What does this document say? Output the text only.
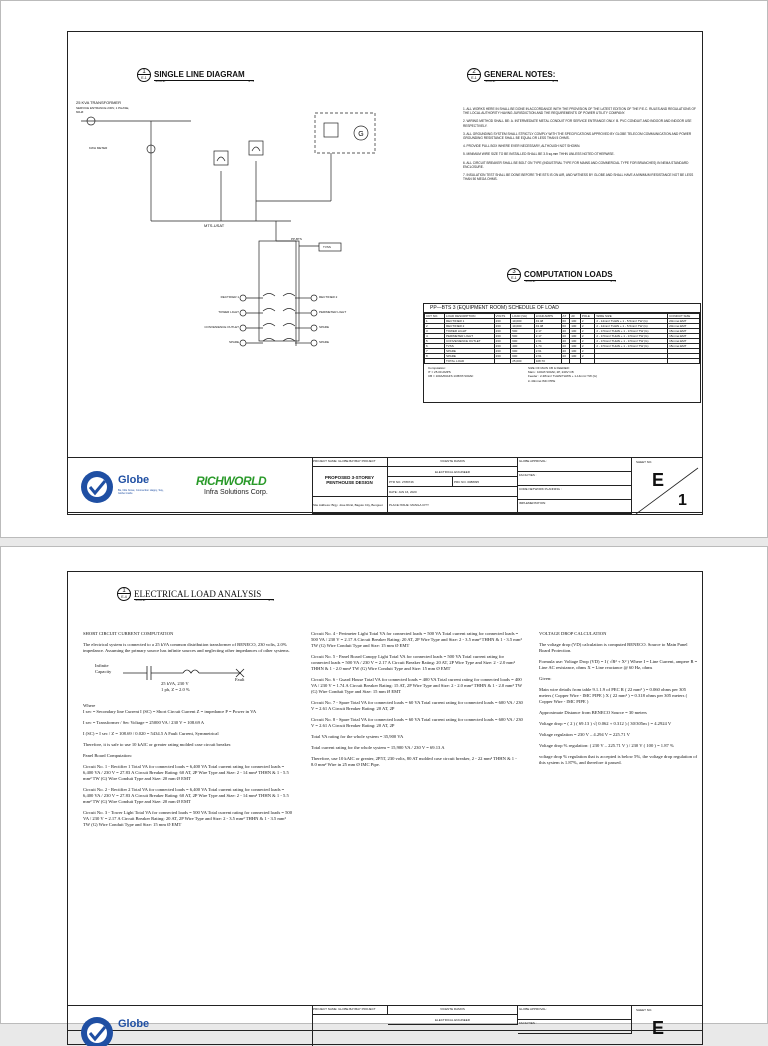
1
E-1 SINGLE LINE DIAGRAM
SCALE:	NTS
G
25 KVA TRANSFORMER
SERVICE ENTRANCE 230V, 1 PHASE, 60HZ
KWH METER
MTS-USAT
PP-BTS
TVSS
RECTIFIER 1
TOWER LIGHT
CONVENIENCE OUTLET
SPARE
RECTIFIER 2
PERIMETER LIGHT
SPARE
SPARE
2
E-1 GENERAL NOTES:
SCALE:	NTS
1. ALL WORKS HERE IN SHALL BE DONE IN ACCORDANCE WITH THE PROVISION OF THE LATEST EDITION OF THE P.E.C. RULES AND REGULATIONS OF THE LOCAL AUTHORITY HAVING JURISDICTION AND THE REQUIREMENTS OF POWER UTILITY COMPANY.
2. WIRING METHOD SHALL BE: A. INTERMEDIATE METAL CONDUIT FOR SERVICE ENTRANCE ONLY. B. PVC CONDUIT AND INDOOR AND INDOOR USE RESPECTIVELY.
3. ALL GROUNDING SYSTEM SHALL STRICTLY COMPLY WITH THE SPECIFICATIONS APPROVED BY GLOBE TELECOM COMMUNICATION AND POWER GROUNDING RESISTANCE SHALL BE EQUAL OR LESS THAN 5 OHMS.
4. PROVIDE PULL BOX WHERE EVER NECESSARY, ALTHOUGH NOT SHOWN.
5. MINIMUM WIRE SIZE TO BE INSTALLED SHALL BE 3.5 sq.mm THHN UNLESS NOTED OTHERWISE.
6. ALL CIRCUIT BREAKER SHALL BE BOLT ON TYPE (INDUSTRIAL TYPE FOR MAINS AND COMMERCIAL TYPE FOR BRANCHES) IN NEMA STANDARD ENCLOSURE.
7. INSULATION TEST SHALL BE DONE BEFORE THE BTS IS ON AIR, AND WITNESS BY GLOBE AND SHALL HAVE A MINIMUM RESISTANCE NOT BE LESS THAN 50 MEGA OHMS.
3
E-1 COMPUTATION LOADS
SCALE:	NTS
PP—BTS 3 (EQUIPMENT ROOM) SCHEDULE OF LOAD
CKT NO.	LOAD DESCRIPTION	VOLTS	LOAD (VA)	LOAD AMPS	AT	AF	POLE	WIRE SIZE	CONDUIT SIZE
1	RECTIFIER 1	230	10,000	43.48	60	100	2	2 - 14mm² THHN + 1 - 5.5mm² TW (G)	20mm⌀ EMT
2	RECTIFIER 2	230	10,000	43.48	60	100	2	2 - 14mm² THHN + 1 - 5.5mm² TW (G)	20mm⌀ EMT
3	TOWER LIGHT	230	500	2.17	20	100	2	2 - 3.5mm² THHN + 1 - 3.5mm² TW (G)	15mm⌀ EMT
4	PERIMETER LIGHT	230	500	2.17	20	100	2	2 - 3.5mm² THHN + 1 - 3.5mm² TW (G)	15mm⌀ EMT
5	CONVENIENCE OUTLET	230	600	2.61	20	100	2	2 - 3.5mm² THHN + 1 - 3.5mm² TW (G)	15mm⌀ EMT
6	TVSS	230	400	1.74	20	100	2	2 - 3.5mm² THHN + 1 - 3.5mm² TW (G)	15mm⌀ EMT
7	SPARE	230	600	2.61	20	100	2		
8	SPARE	230	600	2.61	20	100	2		
	TOTAL LOAD		25,000	108.70					
Computation:
IT = 25.00 AMPS
CB = 100A/60AFS 1CB/6T/100AF
SIZE OF MAIN CB & FEEDER:
Main : 100AT/100AF, 2P, 240V CB
Feeder : 2-38mm² THHN/THWN + 1-14mm² TW (G)
in 40mm⌀ IMC PIPE
Globe
Be, little brave, Connection Happy, Say, Globe Inside
RICHWORLD
Infra Solutions Corp.
PROJECT NAME: GLOBE BAYBAY PROJECT
PROPOSED 3-STOREY PENTHOUSE DESIGN
Site Address: Brgy. Jose Rizal, Baguio City, Benguet
VICENTE RAMOS
ELECTRICAL ENGINEER
PTR NO. 2789746	PRC NO. 0088095
DATE: JAN 16, 2020
PLACE ISSUE: MANILA CITY
GLOBE APPROVAL:
FACILITIES :
CORE NETWORK PLANNING :
IMPLEMENTATION:
SHEET NO.
E
1
1
E-4 ELECTRICAL LOAD ANALYSIS
SCALE:	NTS

SHORT CIRCUIT CURRENT COMPUTATION

The electrical system is connected to a 25 kVA common distribution transformer of BENECO, 230 volts, 2.0% impedance. Assuming the primary source has infinite sources and neglecting other impedances of other systems.

Infinite Capacity
25 kVA, 230 V
1 ph, Z = 2.0 %
Fault

Where

I sec = Secondary line Current I (SC) = Short Circuit Current Z = impedance P = Power in VA

I sec = Transformer / Sec Voltage = 25000 VA / 230 V = 108.69 A

I (SC) = I sec / Z = 108.69 / 0.020 = 5434.5 A Fault Current, Symmetrical

Therefore, it is safe to use 10 kAIC or greater rating molded case circuit breaker.

Panel Board Computation:

Circuit No. 1 - Rectifier 1 Total VA for connected loads = 6,400 VA Total current rating for connected loads = 6,400 VA / 230 V = 27.83 A Circuit Breaker Rating: 60 AT, 2P Wire Type and Size: 2 - 14 mm² THHN & 1 - 5.5 mm² TW (G) Wire Conduit Type and Size: 20 mm Ø EMT

Circuit No. 2 - Rectifier 2 Total VA for connected loads = 6,400 VA Total current rating for connected loads = 6,400 VA / 230 V = 27.83 A Circuit Breaker Rating: 60 AT, 2P Wire Type and Size: 2 - 14 mm² THHN & 1 - 5.5 mm² TW (G) Wire Conduit Type and Size: 20 mm Ø EMT

Circuit No. 3 - Tower Light Total VA for connected loads = 500 VA Total current rating for connected loads = 500 VA / 230 V = 2.17 A Circuit Breaker Rating: 20 AT, 2P Wire Type and Size: 2 - 3.5 mm² THHN & 1 - 3.5 mm² TW (G) Wire Conduit Type and Size: 15 mm Ø EMT

Circuit No. 4 - Perimeter Light Total VA for connected loads = 500 VA Total current rating for connected loads = 500 VA / 230 V = 2.17 A Circuit Breaker Rating: 20 AT, 2P Wire Type and Size: 2 - 3.5 mm² THHN & 1 - 3.5 mm² TW (G) Wire Conduit Type and Size: 15 mm Ø EMT

Circuit No. 5 - Panel Board Canopy Light Total VA for connected loads = 500 VA Total current rating for connected loads = 500 VA / 230 V = 2.17 A Circuit Breaker Rating: 20 AT, 2P Wire Type and Size: 2 - 2.0 mm² THHN & 1 - 2.0 mm² TW (G) Wire Conduit Type and Size: 15 mm Ø EMT

Circuit No. 6 - Guard House Total VA for connected loads = 400 VA Total current rating for connected loads = 400 VA / 230 V = 1.74 A Circuit Breaker Rating: 15 AT, 2P Wire Type and Size: 2 - 2.0 mm² THHN & 1 - 2.0 mm² TW (G) Wire Conduit Type and Size: 15 mm Ø EMT

Circuit No. 7 - Spare Total VA for connected loads = 60 VA Total current rating for connected loads = 600 VA / 230 V = 2.61 A Circuit Breaker Rating: 20 AT, 2P

Circuit No. 8 - Spare Total VA for connected loads = 60 VA Total current rating for connected loads = 600 VA / 230 V = 2.61 A Circuit Breaker Rating: 20 AT, 2P

Total VA rating for the whole system = 35,900 VA

Total current rating for the whole system = 15,900 VA / 230 V = 69.13 A

Therefore, use 10 kAIC or greater, 2P5T, 230 volts, 80 AT molded case circuit breaker, 2 - 22 mm² THHN & 1 - 8.0 mm² Wire in 25 mm Ø IMC Pipe.

VOLTAGE DROP CALCULATION

The voltage drop (VD) calculation is computed BENECO. Source to Main Panel Board Protection.

Formula use: Voltage Drop (VD) = I ( √R² + X² ) Where I = Line Current, ampere R = Line AC resistance, ohms X = Line reactance @ 60 Hz, ohms

Given:

Main wire details from table 9.1.1.9 of PEC R ( 22 mm² ) = 0.060 ohms per 305 meters ( Copper Wire - IMC PIPE ) X ( 22 mm² ) = 0.318 ohms per 305 meters ( Copper Wire - IMC PIPE )

Approximate Distance from BENECO Source = 30 meters

Voltage drop = ( 2 ) ( 69.13 ) √( 0.062 + 0.312 ) ( 30/305m ) = 4.2924 V

Voltage regulation = 230 V – 4.294 V = 225.71 V

Voltage drop % regulation: ( 230 V – 225.71 V ) / 230 V ( 100 ) = 1.87 %

voltage drop % regulation that is accepted is below 5%, the voltage drop regulation of this system is 1.87%, and therefore it passed.

Globe
PROJECT NAME: GLOBE BAYBAY PROJECT	VICENTE RAMOS
ELECTRICAL ENGINEER
GLOBE APPROVAL:
FACILITIES :
SHEET NO.
E
